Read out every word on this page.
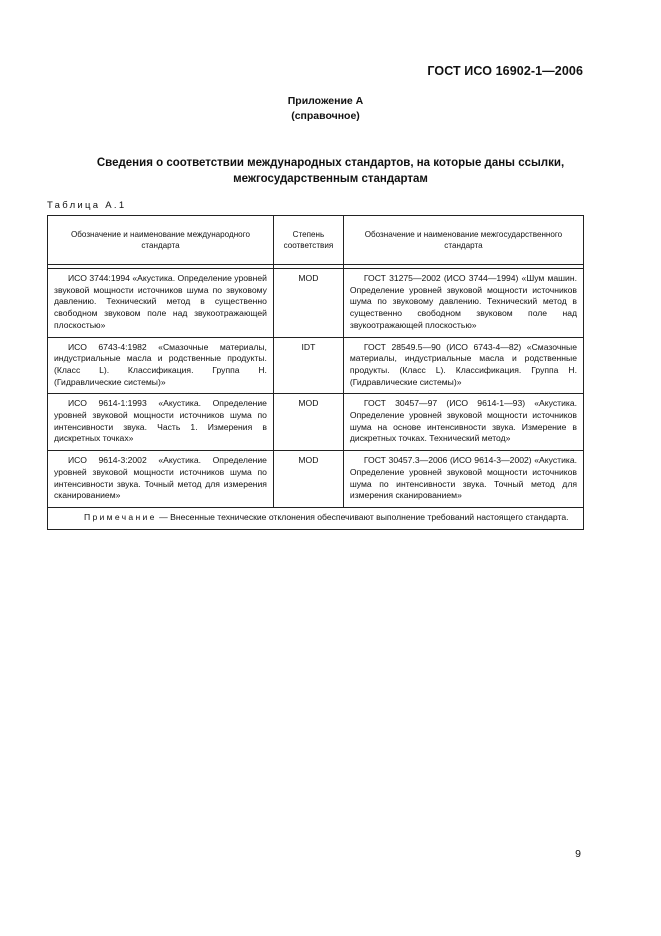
ГОСТ ИСО 16902-1—2006
Приложение А
(справочное)
Сведения о соответствии международных стандартов, на которые даны ссылки,
межгосударственным стандартам
Таблица А.1
Обозначение и наименование международного стандарта	Степень соответствия	Обозначение и наименование межгосударственного стандарта

ИСО 3744:1994 «Акустика. Определение уровней звуковой мощности источников шума по звуковому давлению. Технический метод в существенно свободном звуковом поле над звукоотражающей плоскостью»	MOD	ГОСТ 31275—2002 (ИСО 3744—1994) «Шум машин. Определение уровней звуковой мощности источников шума по звуковому давлению. Технический метод в существенно свободном звуковом поле над звукоотражающей плоскостью»
ИСО 6743-4:1982 «Смазочные материалы, индустриальные масла и родственные продукты. (Класс L). Классификация. Группа Н. (Гидравлические системы)»	IDT	ГОСТ 28549.5—90 (ИСО 6743-4—82) «Смазочные материалы, индустриальные масла и родственные продукты. (Класс L). Классификация. Группа Н. (Гидравлические системы)»
ИСО 9614-1:1993 «Акустика. Определение уровней звуковой мощности источников шума по интенсивности звука. Часть 1. Измерения в дискретных точках»	MOD	ГОСТ 30457—97 (ИСО 9614-1—93) «Акустика. Определение уровней звуковой мощности источников шума на основе интенсивности звука. Измерение в дискретных точках. Технический метод»
ИСО 9614-3:2002 «Акустика. Определение уровней звуковой мощности источников шума по интенсивности звука. Точный метод для измерения сканированием»	MOD	ГОСТ 30457.3—2006 (ИСО 9614-3—2002) «Акустика. Определение уровней звуковой мощности источников шума по интенсивности звука. Точный метод для измерения сканированием»

Примечание — Внесенные технические отклонения обеспечивают выполнение требований настоящего стандарта.		
9
